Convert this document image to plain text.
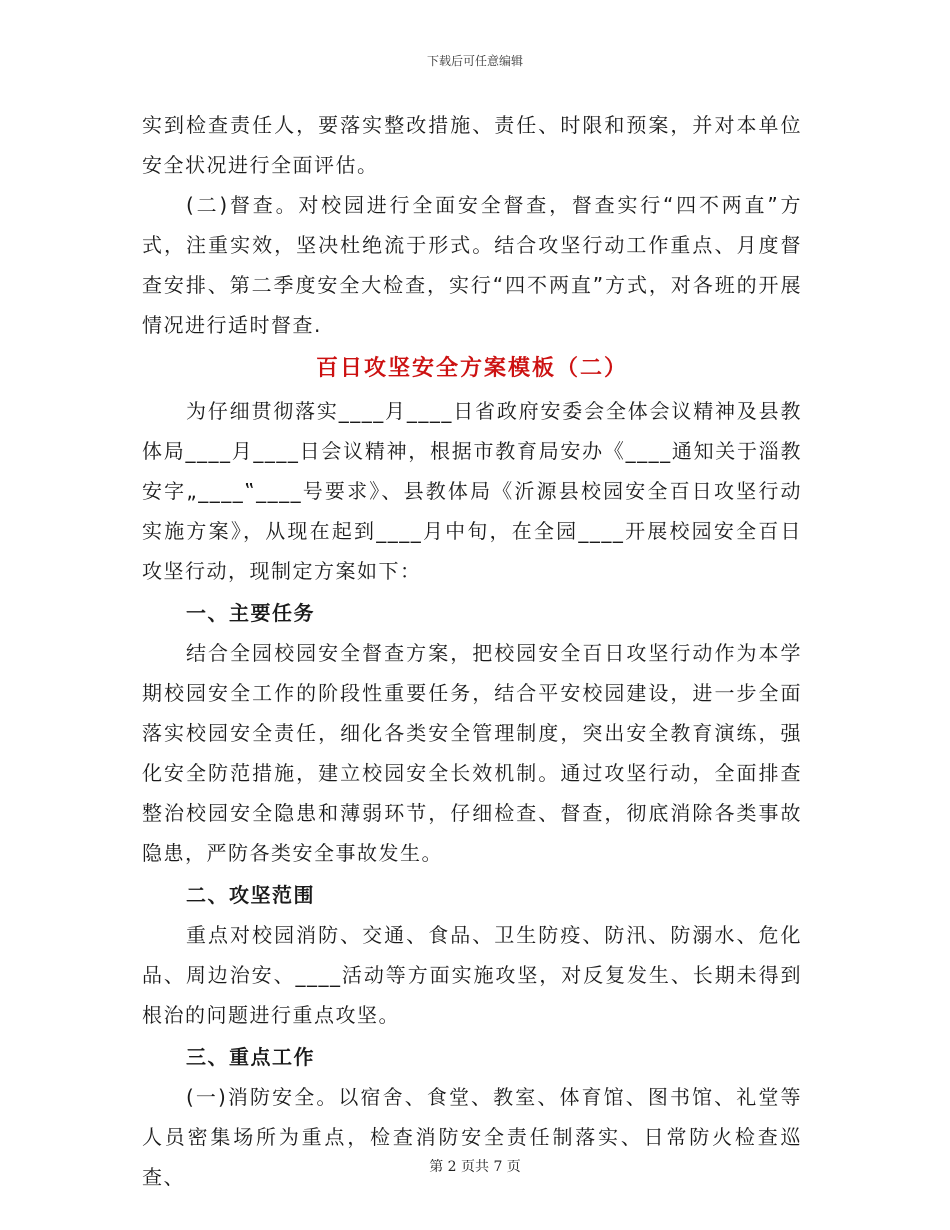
下载后可任意编辑

实到检查责任人，要落实整改措施、责任、时限和预案，并对本单位安全状况进行全面评估。

(二)督查。对校园进行全面安全督查，督查实行“四不两直”方式，注重实效，坚决杜绝流于形式。结合攻坚行动工作重点、月度督查安排、第二季度安全大检查，实行“四不两直”方式，对各班的开展情况进行适时督查.

百日攻坚安全方案模板（二）

为仔细贯彻落实____月____日省政府安委会全体会议精神及县教体局____月____日会议精神，根据市教育局安办《____通知关于淄教安字„____‟____号要求》、县教体局《沂源县校园安全百日攻坚行动实施方案》，从现在起到____月中旬，在全园____开展校园安全百日攻坚行动，现制定方案如下：

一、主要任务

结合全园校园安全督查方案，把校园安全百日攻坚行动作为本学期校园安全工作的阶段性重要任务，结合平安校园建设，进一步全面落实校园安全责任，细化各类安全管理制度，突出安全教育演练，强化安全防范措施，建立校园安全长效机制。通过攻坚行动，全面排查整治校园安全隐患和薄弱环节，仔细检查、督查，彻底消除各类事故隐患，严防各类安全事故发生。

二、攻坚范围

重点对校园消防、交通、食品、卫生防疫、防汛、防溺水、危化品、周边治安、____活动等方面实施攻坚，对反复发生、长期未得到根治的问题进行重点攻坚。

三、重点工作

(一)消防安全。以宿舍、食堂、教室、体育馆、图书馆、礼堂等人员密集场所为重点，检查消防安全责任制落实、日常防火检查巡查、	第 2 页共 7 页
